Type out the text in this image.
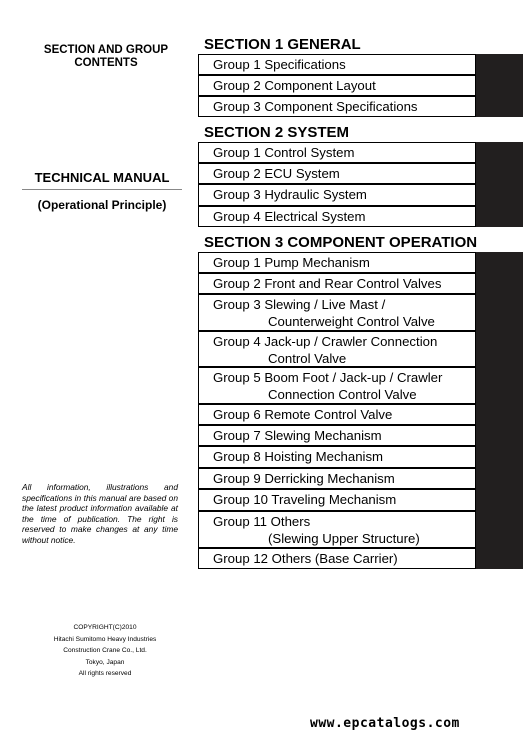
SECTION AND GROUP
CONTENTS
TECHNICAL MANUAL
(Operational Principle)
All information, illustrations and specifications in this manual are based on the latest product information available at the time of publication. The right is reserved to make changes at any time without notice.
COPYRIGHT(C)2010
Hitachi Sumitomo Heavy Industries
Construction Crane Co., Ltd.
Tokyo, Japan
All rights reserved
SECTION 1 GENERAL
Group 1 Specifications
Group 2 Component Layout
Group 3 Component Specifications
SECTION 2 SYSTEM
Group 1 Control System
Group 2 ECU System
Group 3 Hydraulic System
Group 4 Electrical System
SECTION 3 COMPONENT OPERATION
Group 1 Pump Mechanism
Group 2 Front and Rear Control Valves
Group 3 Slewing / Live Mast /
Counterweight Control Valve
Group 4 Jack-up / Crawler Connection
Control Valve
Group 5 Boom Foot / Jack-up / Crawler
Connection Control Valve
Group 6 Remote Control Valve
Group 7 Slewing Mechanism
Group 8 Hoisting Mechanism
Group 9 Derricking Mechanism
Group 10 Traveling Mechanism
Group 11 Others
(Slewing Upper Structure)
Group 12 Others (Base Carrier)
www.epcatalogs.com
